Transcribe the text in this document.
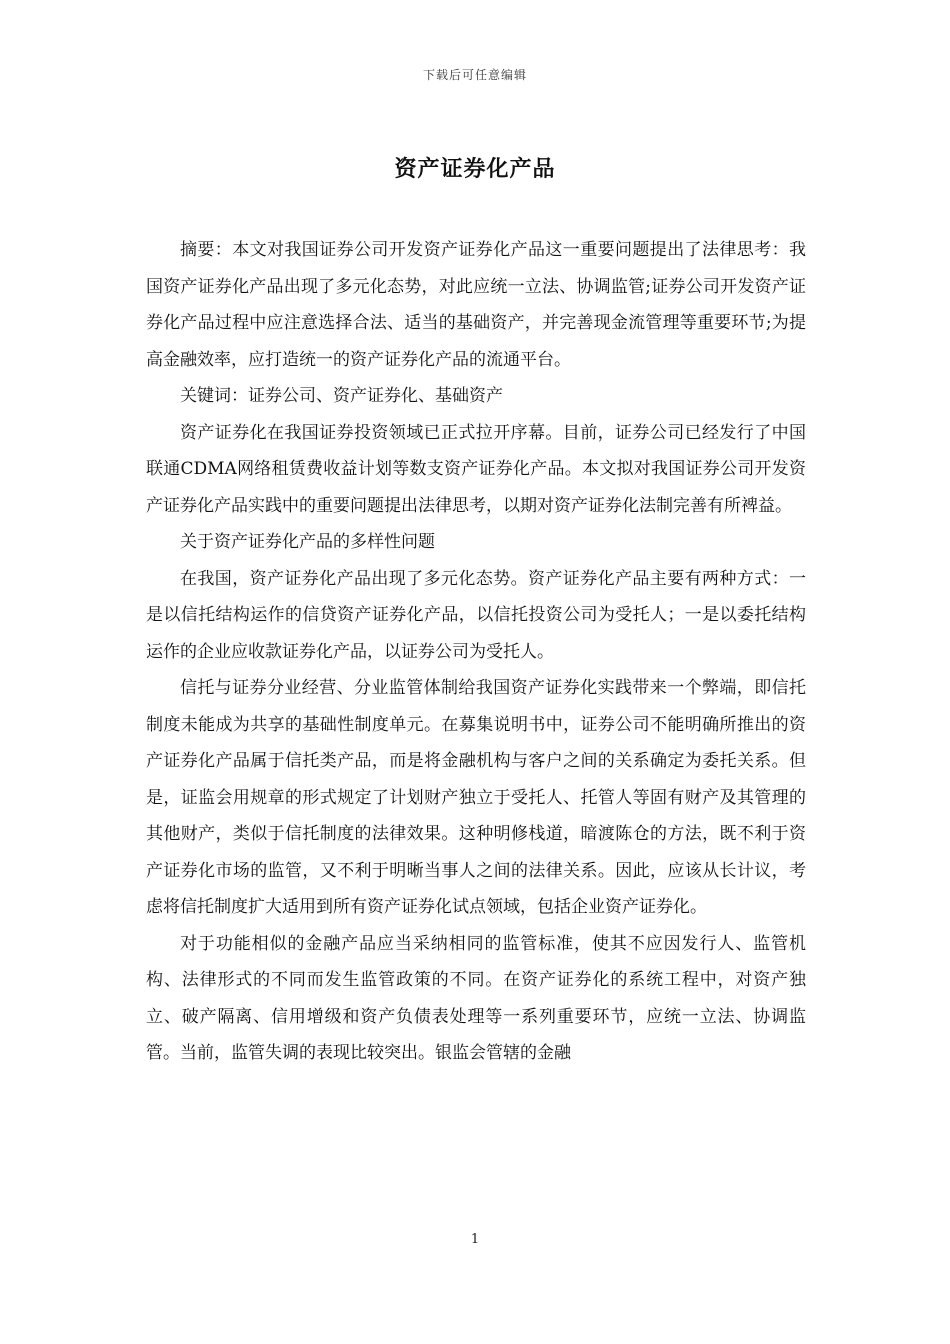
下载后可任意编辑
资产证券化产品

摘要：本文对我国证券公司开发资产证券化产品这一重要问题提出了法律思考：我国资产证券化产品出现了多元化态势，对此应统一立法、协调监管;证券公司开发资产证券化产品过程中应注意选择合法、适当的基础资产，并完善现金流管理等重要环节;为提高金融效率，应打造统一的资产证券化产品的流通平台。

关键词：证券公司、资产证券化、基础资产

资产证券化在我国证券投资领域已正式拉开序幕。目前，证券公司已经发行了中国联通CDMA网络租赁费收益计划等数支资产证券化产品。本文拟对我国证券公司开发资产证券化产品实践中的重要问题提出法律思考，以期对资产证券化法制完善有所裨益。

关于资产证券化产品的多样性问题

在我国，资产证券化产品出现了多元化态势。资产证券化产品主要有两种方式：一是以信托结构运作的信贷资产证券化产品，以信托投资公司为受托人；一是以委托结构运作的企业应收款证券化产品，以证券公司为受托人。

信托与证券分业经营、分业监管体制给我国资产证券化实践带来一个弊端，即信托制度未能成为共享的基础性制度单元。在募集说明书中，证券公司不能明确所推出的资产证券化产品属于信托类产品，而是将金融机构与客户之间的关系确定为委托关系。但是，证监会用规章的形式规定了计划财产独立于受托人、托管人等固有财产及其管理的其他财产，类似于信托制度的法律效果。这种明修栈道，暗渡陈仓的方法，既不利于资产证券化市场的监管，又不利于明晰当事人之间的法律关系。因此，应该从长计议，考虑将信托制度扩大适用到所有资产证券化试点领域，包括企业资产证券化。

对于功能相似的金融产品应当采纳相同的监管标准，使其不应因发行人、监管机构、法律形式的不同而发生监管政策的不同。在资产证券化的系统工程中，对资产独立、破产隔离、信用增级和资产负债表处理等一系列重要环节，应统一立法、协调监管。当前，监管失调的表现比较突出。银监会管辖的金融

1
